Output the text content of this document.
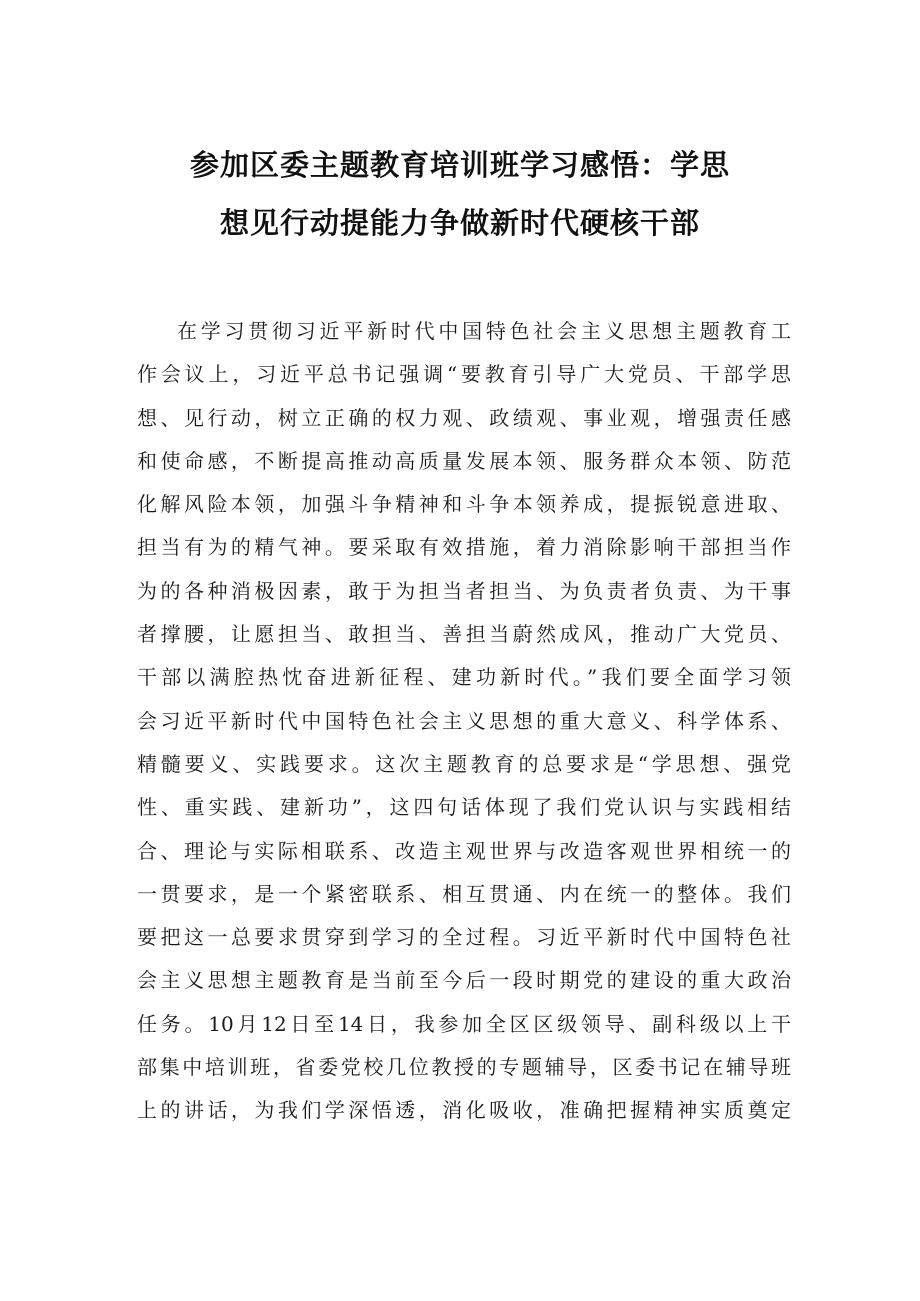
参加区委主题教育培训班学习感悟：学思
想见行动提能力争做新时代硬核干部
在学习贯彻习近平新时代中国特色社会主义思想主题教育工
作会议上，习近平总书记强调“要教育引导广大党员、干部学思
想、见行动，树立正确的权力观、政绩观、事业观，增强责任感
和使命感，不断提高推动高质量发展本领、服务群众本领、防范
化解风险本领，加强斗争精神和斗争本领养成，提振锐意进取、
担当有为的精气神。要采取有效措施，着力消除影响干部担当作
为的各种消极因素，敢于为担当者担当、为负责者负责、为干事
者撑腰，让愿担当、敢担当、善担当蔚然成风，推动广大党员、
干部以满腔热忱奋进新征程、建功新时代。”我们要全面学习领
会习近平新时代中国特色社会主义思想的重大意义、科学体系、
精髓要义、实践要求。这次主题教育的总要求是“学思想、强党
性、重实践、建新功”，这四句话体现了我们党认识与实践相结
合、理论与实际相联系、改造主观世界与改造客观世界相统一的
一贯要求，是一个紧密联系、相互贯通、内在统一的整体。我们
要把这一总要求贯穿到学习的全过程。习近平新时代中国特色社
会主义思想主题教育是当前至今后一段时期党的建设的重大政治
任务。10月12日至14日，我参加全区区级领导、副科级以上干
部集中培训班，省委党校几位教授的专题辅导，区委书记在辅导班
上的讲话，为我们学深悟透，消化吸收，准确把握精神实质奠定
